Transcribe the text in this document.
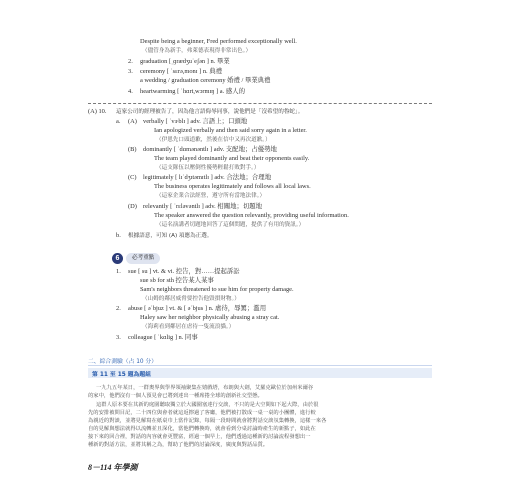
Despite being a beginner, Fred performed exceptionally well.
（儘管身為新手，弗萊德表現得非常出色。）
2. graduation [ˌɡrædʒuˈeʃən ] n. 畢業
3. ceremony [ ˈsɛrə,monɪ ] n. 典禮
a wedding / graduation ceremony 婚禮 / 畢業典禮
4. heartwarming [ ˈhɑrt,wɔrmɪŋ ] a. 感人的
(A) 10. 這家公司的經理被告了，因為他言語侮辱同事，說他們是「沒希望的魯蛇」。
a. (A) verbally [ ˈvɝblɪ ] adv. 言語上；口頭地
Ian apologized verbally and then said sorry again in a letter.
（伊恩先口頭道歉，然後在信中又再次道歉。）
(B) dominantly [ ˈdɑmənəntlɪ ] adv. 支配地；占優勢地
The team played dominantly and beat their opponents easily.
（這支隊伍以壓倒性優勢輕鬆打敗對手。）
(C) legitimately [ lɪˈdʒɪtəmɪtlɪ ] adv. 合法地；合理地
The business operates legitimately and follows all local laws.
（這家企業合法經營，遵守所有當地法律。）
(D) relevantly [ ˈrɛləvəntlɪ ] adv. 相關地；切題地
The speaker answered the question relevantly, providing useful information.
（這名演講者切題地回答了這個問題，提供了有用的資訊。）
b. 根據語意，可知 (A) 項應為正選。
6	必考重點
1. sue [ su ] vt. & vi. 控告，對……提起訴訟
sue sb for sth 控告某人某事
Sam's neighbors threatened to sue him for property damage.
（山姆的鄰居威脅要控告他毀損財物。）
2. abuse [ əˈbjuz ] vt. & [ əˈbjus ] n. 虐待，辱罵；濫用
Haley saw her neighbor physically abusing a stray cat.
（海莉看到鄰居在虐待一隻流浪貓。）
3. colleague [ ˈkɑlig ] n. 同事
二、綜合測驗（占 10 分）
第 11 至 15 題為題組
一九九五年某日，一群奧界與學界領袖聚集在嬉戲塔，布朗與大劍，艾羅克歐位於加州米爾谷
的家中，他們沒有一個人預見會已將到達出一種席捲全球的創新社交型態。
這群人原本要在其新的庭園聽取獨立於大國圍塞達行交談，不只的是大空間如下起大際，由於很
先的安排被問目記，二十四位與會者就這返擦過了客廳，他們被打散成一桌一桌的小團體，進行較
為親近的對談，並將見解寫在紙桌巾上當作記錄，每隔一段時間就會將對話交談氛集轉換，這樣一來各
自的見解與想法就得以流轉並且深化，當他們轉換時，就會看到分桌討論時產生的新點子，如此在
接下來的回合裡，對話的內容就會更豐富，經過一個早上，他們透過這種新的討論流程發想出一
種新的對話方法，並將其稱之為，幫助了他們的討論深度，廣度與對話品質。
8－114 年學測
